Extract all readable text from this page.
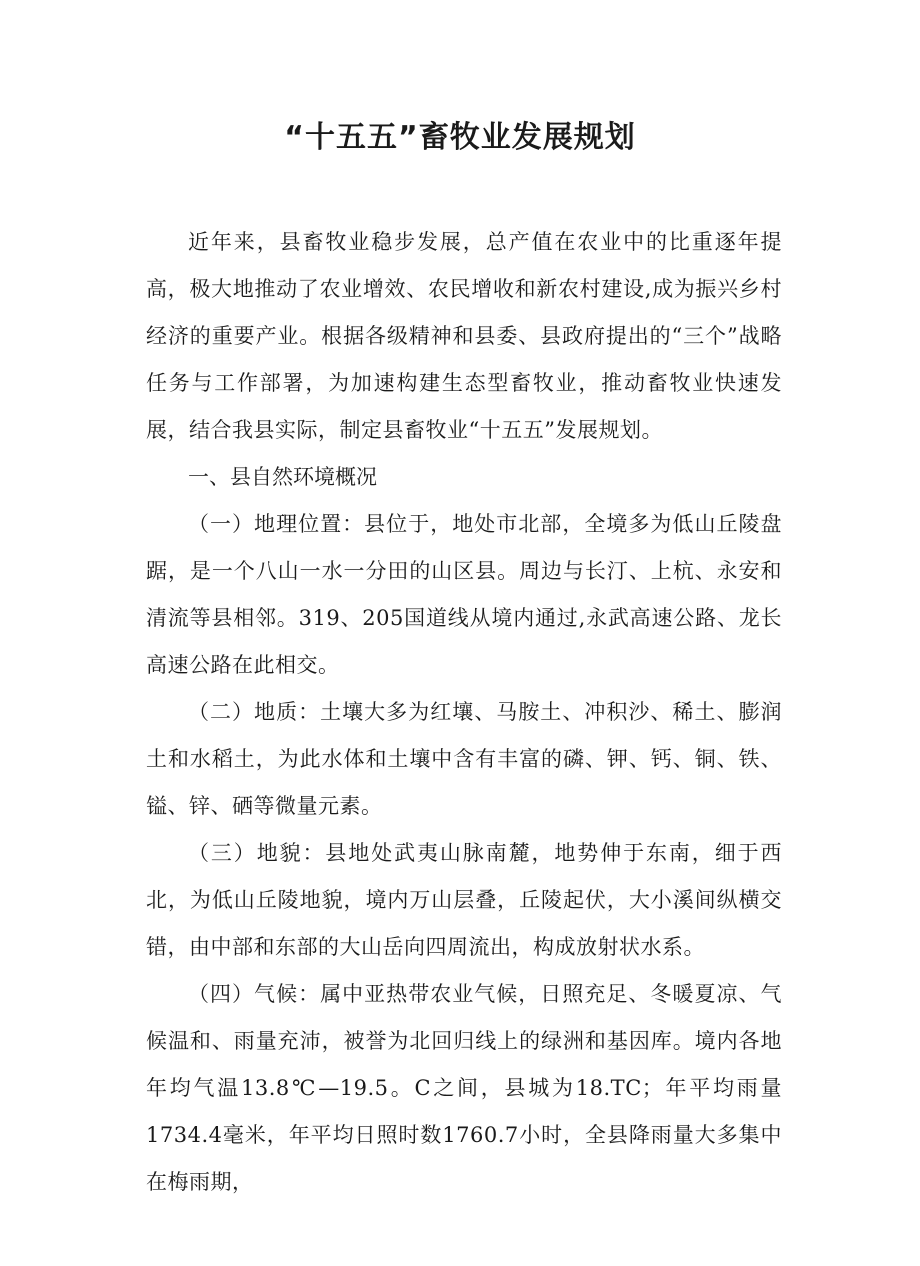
“十五五”畜牧业发展规划

近年来，县畜牧业稳步发展，总产值在农业中的比重逐年提高，极大地推动了农业增效、农民增收和新农村建设,成为振兴乡村经济的重要产业。根据各级精神和县委、县政府提出的“三个”战略任务与工作部署，为加速构建生态型畜牧业，推动畜牧业快速发展，结合我县实际，制定县畜牧业“十五五”发展规划。

一、县自然环境概况

（一）地理位置：县位于，地处市北部，全境多为低山丘陵盘踞，是一个八山一水一分田的山区县。周边与长汀、上杭、永安和清流等县相邻。319、205国道线从境内通过,永武高速公路、龙长高速公路在此相交。

（二）地质：土壤大多为红壤、马胺土、冲积沙、稀土、膨润土和水稻土，为此水体和土壤中含有丰富的磷、钾、钙、铜、铁、镒、锌、硒等微量元素。

（三）地貌：县地处武夷山脉南麓，地势伸于东南，细于西北，为低山丘陵地貌，境内万山层叠，丘陵起伏，大小溪间纵横交错，由中部和东部的大山岳向四周流出，构成放射状水系。

（四）气候：属中亚热带农业气候，日照充足、冬暖夏凉、气候温和、雨量充沛，被誉为北回归线上的绿洲和基因库。境内各地年均气温13.8℃—19.5。C之间，县城为18.TC；年平均雨量1734.4毫米，年平均日照时数1760.7小时，全县降雨量大多集中在梅雨期，
